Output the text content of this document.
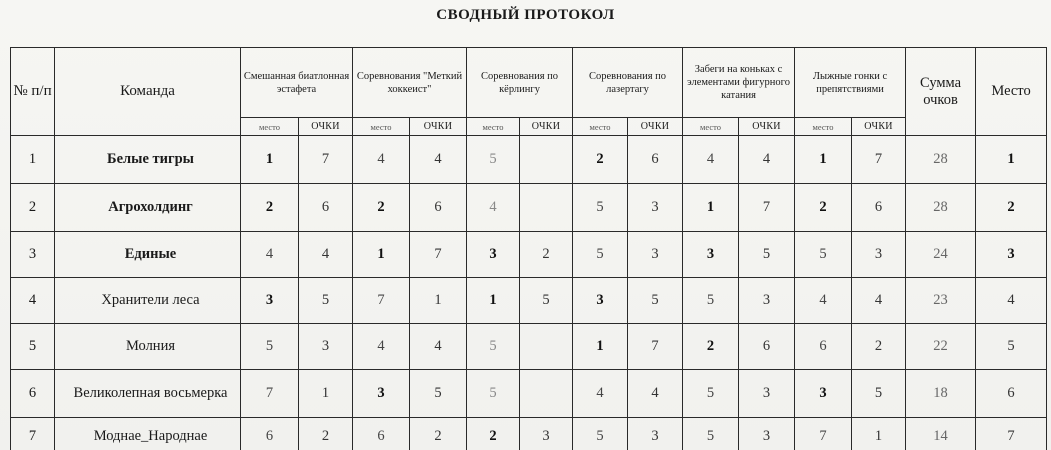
СВОДНЫЙ ПРОТОКОЛ
№ п/п	Команда	Смешанная биатлонная эстафета		Соревнования "Меткий хоккеист"		Соревнования по кёрлингу		Соревнования по лазертагу		Забеги на коньках с элементами фигурного катания		Лыжные гонки с препятствиями		Сумма очков	Место
		место	ОЧКИ	место	ОЧКИ	место	ОЧКИ	место	ОЧКИ	место	ОЧКИ	место	ОЧКИ		
1	Белые тигры	1	7	4	4	5		2	6	4	4	1	7	28	1
2	Агрохолдинг	2	6	2	6	4		5	3	1	7	2	6	28	2
3	Единые	4	4	1	7	3	2	5	3	3	5	5	3	24	3
4	Хранители леса	3	5	7	1	1	5	3	5	5	3	4	4	23	4
5	Молния	5	3	4	4	5		1	7	2	6	6	2	22	5
6	Великолепная восьмерка	7	1	3	5	5		4	4	5	3	3	5	18	6
7	Моднае_Народнае	6	2	6	2	2	3	5	3	5	3	7	1	14	7
